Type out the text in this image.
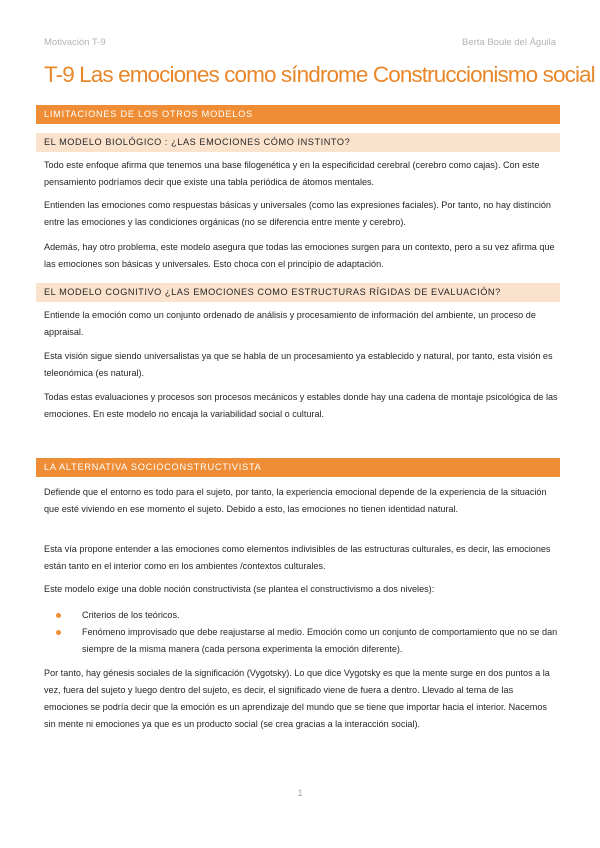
Motivación T-9	Berta Boule del Águila
T-9 Las emociones como síndrome Construccionismo social
LIMITACIONES DE LOS OTROS MODELOS
EL MODELO BIOLÓGICO : ¿LAS EMOCIONES CÓMO INSTINTO?

Todo este enfoque afirma que tenemos una base filogenética y en la especificidad cerebral (cerebro como cajas). Con este pensamiento podríamos decir que existe una tabla periódica de átomos mentales.

Entienden las emociones como respuestas básicas y universales (como las expresiones faciales). Por tanto, no hay distinción entre las emociones y las condiciones orgánicas (no se diferencia entre mente y cerebro).

Además, hay otro problema, este modelo asegura que todas las emociones surgen para un contexto, pero a su vez afirma que las emociones son básicas y universales. Esto choca con el principio de adaptación.

EL MODELO COGNITIVO ¿LAS EMOCIONES COMO ESTRUCTURAS RÍGIDAS DE EVALUACIÓN?

Entiende la emoción como un conjunto ordenado de análisis y procesamiento de información del ambiente, un proceso de appraisal.

Esta visión sigue siendo universalistas ya que se habla de un procesamiento ya establecido y natural, por tanto, esta visión es teleonómica (es natural).

Todas estas evaluaciones y procesos son procesos mecánicos y estables donde hay una cadena de montaje psicológica de las emociones. En este modelo no encaja la variabilidad social o cultural.

LA ALTERNATIVA SOCIOCONSTRUCTIVISTA

Defiende que el entorno es todo para el sujeto, por tanto, la experiencia emocional depende de la experiencia de la situación que esté viviendo en ese momento el sujeto. Debido a esto, las emociones no tienen identidad natural.

Esta vía propone entender a las emociones como elementos indivisibles de las estructuras culturales, es decir, las emociones están tanto en el interior como en los ambientes /contextos culturales.

Este modelo exige una doble noción constructivista (se plantea el constructivismo a dos niveles):

Criterios de los teóricos.
Fenómeno improvisado que debe reajustarse al medio. Emoción como un conjunto de comportamiento que no se dan siempre de la misma manera (cada persona experimenta la emoción diferente).

Por tanto, hay génesis sociales de la significación (Vygotsky). Lo que dice Vygotsky es que la mente surge en dos puntos a la vez, fuera del sujeto y luego dentro del sujeto, es decir, el significado viene de fuera a dentro. Llevado al tema de las emociones se podría decir que la emoción es un aprendizaje del mundo que se tiene que importar hacia el interior. Nacemos sin mente ni emociones ya que es un producto social (se crea gracias a la interacción social).

1
